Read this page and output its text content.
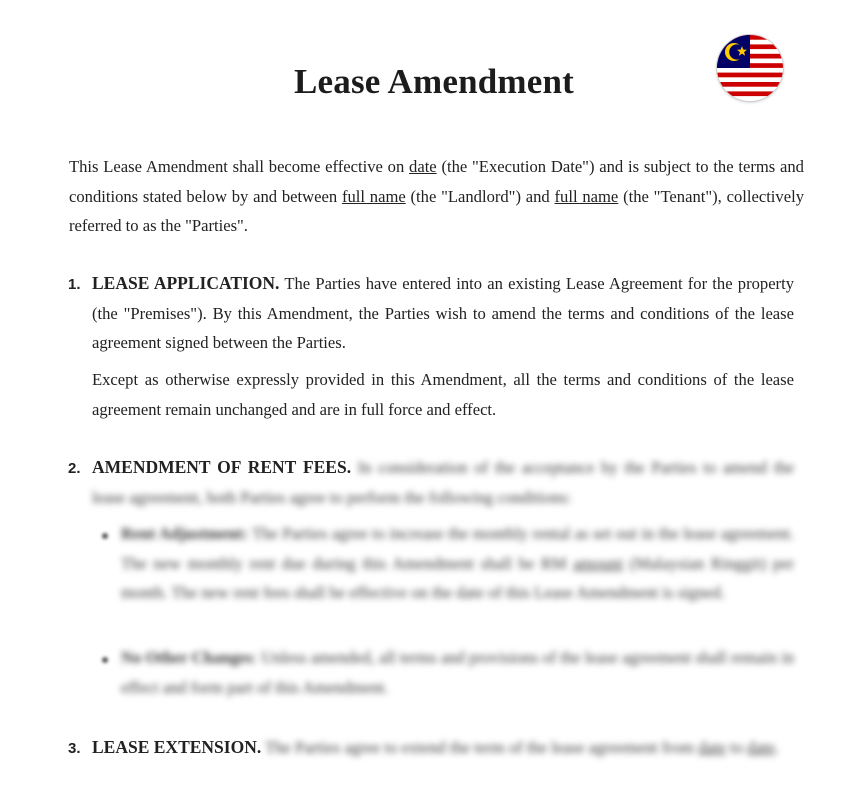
Lease Amendment
This Lease Amendment shall become effective on date (the "Execution Date") and is subject to the terms and conditions stated below by and between full name (the "Landlord") and full name (the "Tenant"), collectively referred to as the "Parties".
1. LEASE APPLICATION. The Parties have entered into an existing Lease Agreement for the property (the "Premises"). By this Amendment, the Parties wish to amend the terms and conditions of the lease agreement signed between the Parties.
Except as otherwise expressly provided in this Amendment, all the terms and conditions of the lease agreement remain unchanged and are in full force and effect.
2. AMENDMENT OF RENT FEES. In consideration of the acceptance by the Parties to amend the lease agreement, both Parties agree to perform the following conditions:
Rent Adjustment: The Parties agree to increase the monthly rental as set out in the lease agreement. The new monthly rent due during this Amendment shall be RM amount (Malaysian Ringgit) per month. The new rent fees shall be effective on the date of this Lease Amendment is signed.
No Other Changes: Unless amended, all terms and provisions of the lease agreement shall remain in effect and form part of this Amendment.
3. LEASE EXTENSION. The Parties agree to extend the term of the lease agreement from date to date.
